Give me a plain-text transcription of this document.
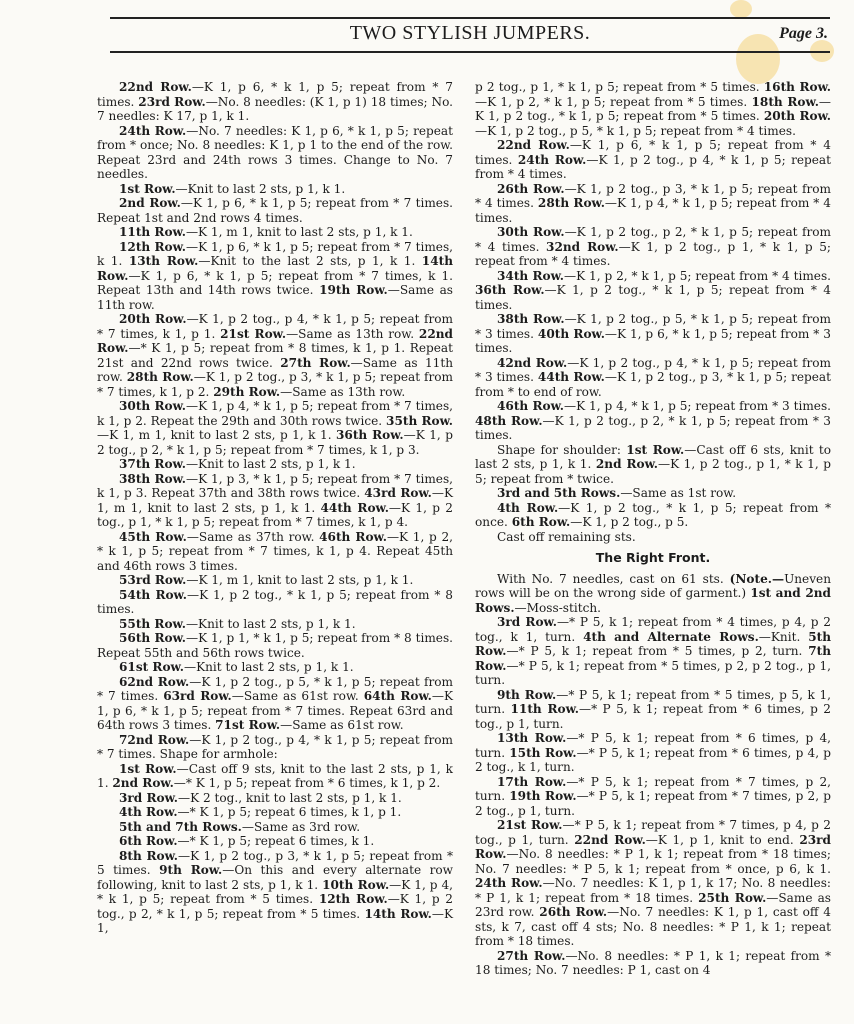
TWO STYLISH JUMPERS.	Page 3.

22nd Row.—K 1, p 6, * k 1, p 5; repeat from * 7 times. 23rd Row.—No. 8 needles: (K 1, p 1) 18 times; No. 7 needles: K 17, p 1, k 1.

24th Row.—No. 7 needles: K 1, p 6, * k 1, p 5; repeat from * once; No. 8 needles: K 1, p 1 to the end of the row. Repeat 23rd and 24th rows 3 times. Change to No. 7 needles.

1st Row.—Knit to last 2 sts, p 1, k 1.

2nd Row.—K 1, p 6, * k 1, p 5; repeat from * 7 times. Repeat 1st and 2nd rows 4 times.

11th Row.—K 1, m 1, knit to last 2 sts, p 1, k 1.

12th Row.—K 1, p 6, * k 1, p 5; repeat from * 7 times, k 1. 13th Row.—Knit to the last 2 sts, p 1, k 1. 14th Row.—K 1, p 6, * k 1, p 5; repeat from * 7 times, k 1. Repeat 13th and 14th rows twice. 19th Row.—Same as 11th row.

20th Row.—K 1, p 2 tog., p 4, * k 1, p 5; repeat from * 7 times, k 1, p 1. 21st Row.—Same as 13th row. 22nd Row.—* K 1, p 5; repeat from * 8 times, k 1, p 1. Repeat 21st and 22nd rows twice. 27th Row.—Same as 11th row. 28th Row.—K 1, p 2 tog., p 3, * k 1, p 5; repeat from * 7 times, k 1, p 2. 29th Row.—Same as 13th row.

30th Row.—K 1, p 4, * k 1, p 5; repeat from * 7 times, k 1, p 2. Repeat the 29th and 30th rows twice. 35th Row.—K 1, m 1, knit to last 2 sts, p 1, k 1. 36th Row.—K 1, p 2 tog., p 2, * k 1, p 5; repeat from * 7 times, k 1, p 3.

37th Row.—Knit to last 2 sts, p 1, k 1.

38th Row.—K 1, p 3, * k 1, p 5; repeat from * 7 times, k 1, p 3. Repeat 37th and 38th rows twice. 43rd Row.—K 1, m 1, knit to last 2 sts, p 1, k 1. 44th Row.—K 1, p 2 tog., p 1, * k 1, p 5; repeat from * 7 times, k 1, p 4.

45th Row.—Same as 37th row. 46th Row.—K 1, p 2, * k 1, p 5; repeat from * 7 times, k 1, p 4. Repeat 45th and 46th rows 3 times.

53rd Row.—K 1, m 1, knit to last 2 sts, p 1, k 1.

54th Row.—K 1, p 2 tog., * k 1, p 5; repeat from * 8 times.

55th Row.—Knit to last 2 sts, p 1, k 1.

56th Row.—K 1, p 1, * k 1, p 5; repeat from * 8 times. Repeat 55th and 56th rows twice.

61st Row.—Knit to last 2 sts, p 1, k 1.

62nd Row.—K 1, p 2 tog., p 5, * k 1, p 5; repeat from * 7 times. 63rd Row.—Same as 61st row. 64th Row.—K 1, p 6, * k 1, p 5; repeat from * 7 times. Repeat 63rd and 64th rows 3 times. 71st Row.—Same as 61st row.

72nd Row.—K 1, p 2 tog., p 4, * k 1, p 5; repeat from * 7 times. Shape for armhole:

1st Row.—Cast off 9 sts, knit to the last 2 sts, p 1, k 1. 2nd Row.—* K 1, p 5; repeat from * 6 times, k 1, p 2.

3rd Row.—K 2 tog., knit to last 2 sts, p 1, k 1.

4th Row.—* K 1, p 5; repeat 6 times, k 1, p 1.

5th and 7th Rows.—Same as 3rd row.

6th Row.—* K 1, p 5; repeat 6 times, k 1.

8th Row.—K 1, p 2 tog., p 3, * k 1, p 5; repeat from * 5 times. 9th Row.—On this and every alternate row following, knit to last 2 sts, p 1, k 1. 10th Row.—K 1, p 4, * k 1, p 5; repeat from * 5 times. 12th Row.—K 1, p 2 tog., p 2, * k 1, p 5; repeat from * 5 times. 14th Row.—K 1,

p 2 tog., p 1, * k 1, p 5; repeat from * 5 times. 16th Row.—K 1, p 2, * k 1, p 5; repeat from * 5 times. 18th Row.—K 1, p 2 tog., * k 1, p 5; repeat from * 5 times. 20th Row.—K 1, p 2 tog., p 5, * k 1, p 5; repeat from * 4 times.

22nd Row.—K 1, p 6, * k 1, p 5; repeat from * 4 times. 24th Row.—K 1, p 2 tog., p 4, * k 1, p 5; repeat from * 4 times.

26th Row.—K 1, p 2 tog., p 3, * k 1, p 5; repeat from * 4 times. 28th Row.—K 1, p 4, * k 1, p 5; repeat from * 4 times.

30th Row.—K 1, p 2 tog., p 2, * k 1, p 5; repeat from * 4 times. 32nd Row.—K 1, p 2 tog., p 1, * k 1, p 5; repeat from * 4 times.

34th Row.—K 1, p 2, * k 1, p 5; repeat from * 4 times. 36th Row.—K 1, p 2 tog., * k 1, p 5; repeat from * 4 times.

38th Row.—K 1, p 2 tog., p 5, * k 1, p 5; repeat from * 3 times. 40th Row.—K 1, p 6, * k 1, p 5; repeat from * 3 times.

42nd Row.—K 1, p 2 tog., p 4, * k 1, p 5; repeat from * 3 times. 44th Row.—K 1, p 2 tog., p 3, * k 1, p 5; repeat from * to end of row.

46th Row.—K 1, p 4, * k 1, p 5; repeat from * 3 times. 48th Row.—K 1, p 2 tog., p 2, * k 1, p 5; repeat from * 3 times.

Shape for shoulder: 1st Row.—Cast off 6 sts, knit to last 2 sts, p 1, k 1. 2nd Row.—K 1, p 2 tog., p 1, * k 1, p 5; repeat from * twice.

3rd and 5th Rows.—Same as 1st row.

4th Row.—K 1, p 2 tog., * k 1, p 5; repeat from * once. 6th Row.—K 1, p 2 tog., p 5.

Cast off remaining sts.

The Right Front.

With No. 7 needles, cast on 61 sts. (Note.—Uneven rows will be on the wrong side of garment.) 1st and 2nd Rows.—Moss-stitch.

3rd Row.—* P 5, k 1; repeat from * 4 times, p 4, p 2 tog., k 1, turn. 4th and Alternate Rows.—Knit. 5th Row.—* P 5, k 1; repeat from * 5 times, p 2, turn. 7th Row.—* P 5, k 1; repeat from * 5 times, p 2, p 2 tog., p 1, turn.

9th Row.—* P 5, k 1; repeat from * 5 times, p 5, k 1, turn. 11th Row.—* P 5, k 1; repeat from * 6 times, p 2 tog., p 1, turn.

13th Row.—* P 5, k 1; repeat from * 6 times, p 4, turn. 15th Row.—* P 5, k 1; repeat from * 6 times, p 4, p 2 tog., k 1, turn.

17th Row.—* P 5, k 1; repeat from * 7 times, p 2, turn. 19th Row.—* P 5, k 1; repeat from * 7 times, p 2, p 2 tog., p 1, turn.

21st Row.—* P 5, k 1; repeat from * 7 times, p 4, p 2 tog., p 1, turn. 22nd Row.—K 1, p 1, knit to end. 23rd Row.—No. 8 needles: * P 1, k 1; repeat from * 18 times; No. 7 needles: * P 5, k 1; repeat from * once, p 6, k 1. 24th Row.—No. 7 needles: K 1, p 1, k 17; No. 8 needles: * P 1, k 1; repeat from * 18 times. 25th Row.—Same as 23rd row. 26th Row.—No. 7 needles: K 1, p 1, cast off 4 sts, k 7, cast off 4 sts; No. 8 needles: * P 1, k 1; repeat from * 18 times.

27th Row.—No. 8 needles: * P 1, k 1; repeat from * 18 times; No. 7 needles: P 1, cast on 4
